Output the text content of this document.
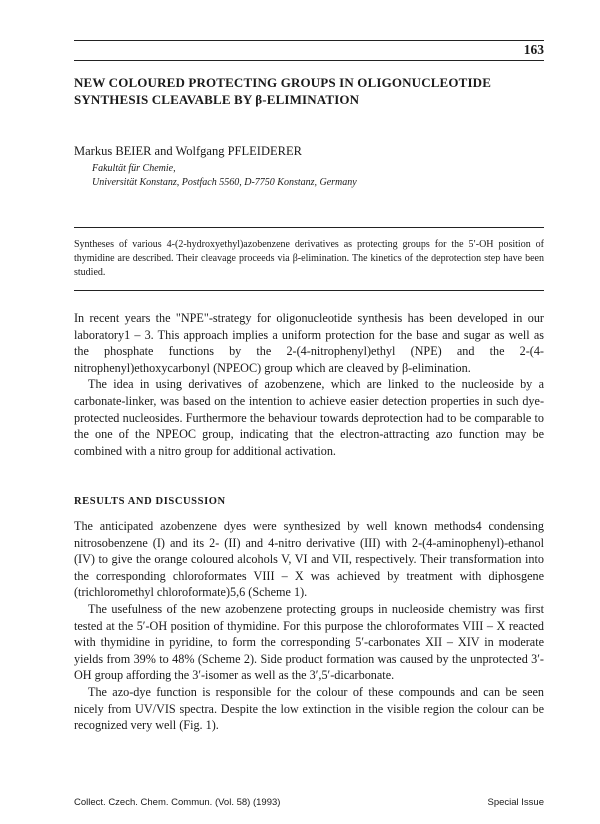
163
NEW COLOURED PROTECTING GROUPS IN OLIGONUCLEOTIDE
SYNTHESIS CLEAVABLE BY β-ELIMINATION
Markus BEIER and Wolfgang PFLEIDERER
Fakultät für Chemie,
Universität Konstanz, Postfach 5560, D-7750 Konstanz, Germany

Syntheses of various 4-(2-hydroxyethyl)azobenzene derivatives as protecting groups for the 5′-OH position of thymidine are described. Their cleavage proceeds via β-elimination. The kinetics of the deprotection step have been studied.

In recent years the "NPE"-strategy for oligonucleotide synthesis has been developed in our laboratory1 – 3. This approach implies a uniform protection for the base and sugar as well as the phosphate functions by the 2-(4-nitrophenyl)ethyl (NPE) and the 2-(4-nitrophenyl)ethoxycarbonyl (NPEOC) group which are cleaved by β-elimination.

The idea in using derivatives of azobenzene, which are linked to the nucleoside by a carbonate-linker, was based on the intention to achieve easier detection properties in such dye-protected nucleosides. Furthermore the behaviour towards deprotection had to be comparable to the one of the NPEOC group, indicating that the electron-attracting azo function may be combined with a nitro group for additional activation.

RESULTS AND DISCUSSION

The anticipated azobenzene dyes were synthesized by well known methods4 condensing nitrosobenzene (I) and its 2- (II) and 4-nitro derivative (III) with 2-(4-aminophenyl)-ethanol (IV) to give the orange coloured alcohols V, VI and VII, respectively. Their transformation into the corresponding chloroformates VIII – X was achieved by treatment with diphosgene (trichloromethyl chloroformate)5,6 (Scheme 1).

The usefulness of the new azobenzene protecting groups in nucleoside chemistry was first tested at the 5′-OH position of thymidine. For this purpose the chloroformates VIII – X reacted with thymidine in pyridine, to form the corresponding 5′-carbonates XII – XIV in moderate yields from 39% to 48% (Scheme 2). Side product formation was caused by the unprotected 3′-OH group affording the 3′-isomer as well as the 3′,5′-dicarbonate.

The azo-dye function is responsible for the colour of these compounds and can be seen nicely from UV/VIS spectra. Despite the low extinction in the visible region the colour can be recognized very well (Fig. 1).

Collect. Czech. Chem. Commun. (Vol. 58) (1993)	Special Issue
